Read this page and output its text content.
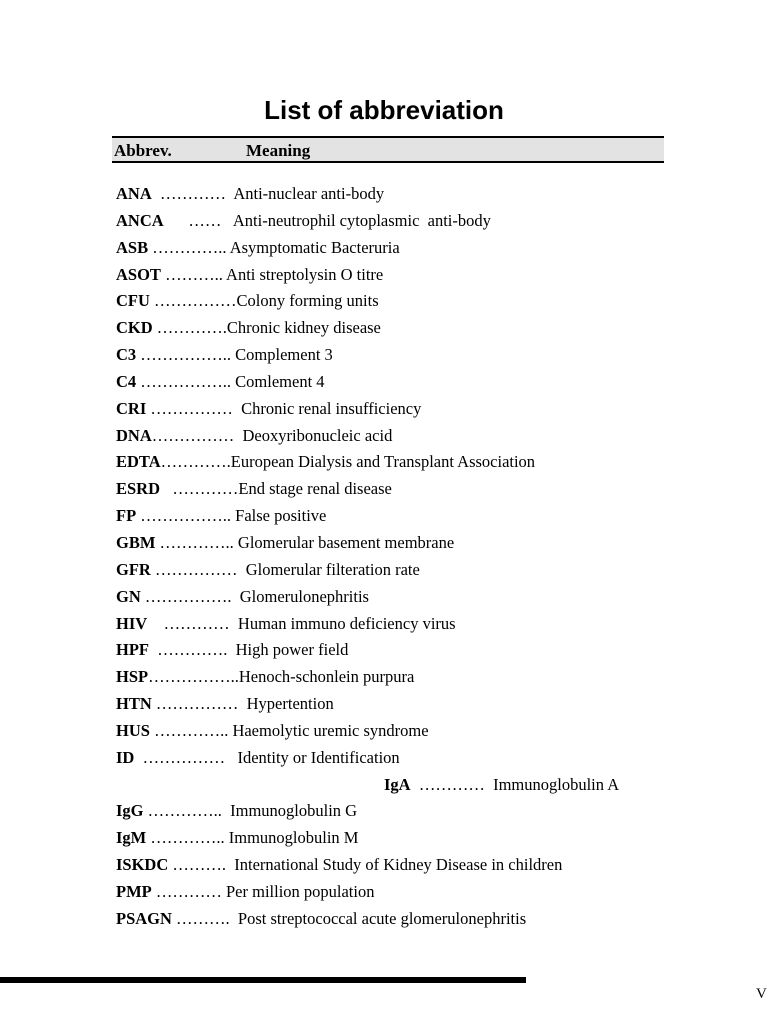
List of abbreviation
Abbrev.	Meaning
ANA  …………  Anti-nuclear anti-body
ANCA      ……   Anti-neutrophil cytoplasmic  anti-body
ASB ………….. Asymptomatic Bacteruria
ASOT ……….. Anti streptolysin O titre
CFU ……………Colony forming units
CKD ………….Chronic kidney disease
C3 …………….. Complement 3
C4 …………….. Comlement 4
CRI ……………  Chronic renal insufficiency
DNA……………  Deoxyribonucleic acid
EDTA………….European Dialysis and Transplant Association
ESRD   …………End stage renal disease
FP …………….. False positive
GBM ………….. Glomerular basement membrane
GFR ……………  Glomerular filteration rate
GN …………….  Glomerulonephritis
HIV    …………  Human immuno deficiency virus
HPF  ………….  High power field
HSP……………..Henoch-schonlein purpura
HTN ……………  Hypertention
HUS ………….. Haemolytic uremic syndrome
ID  ……………   Identity or Identification
IgA  …………  Immunoglobulin A
IgG …………..  Immunoglobulin G
IgM ………….. Immunoglobulin M
ISKDC ……….  International Study of Kidney Disease in children
PMP ………… Per million population
PSAGN ……….  Post streptococcal acute glomerulonephritis
V
